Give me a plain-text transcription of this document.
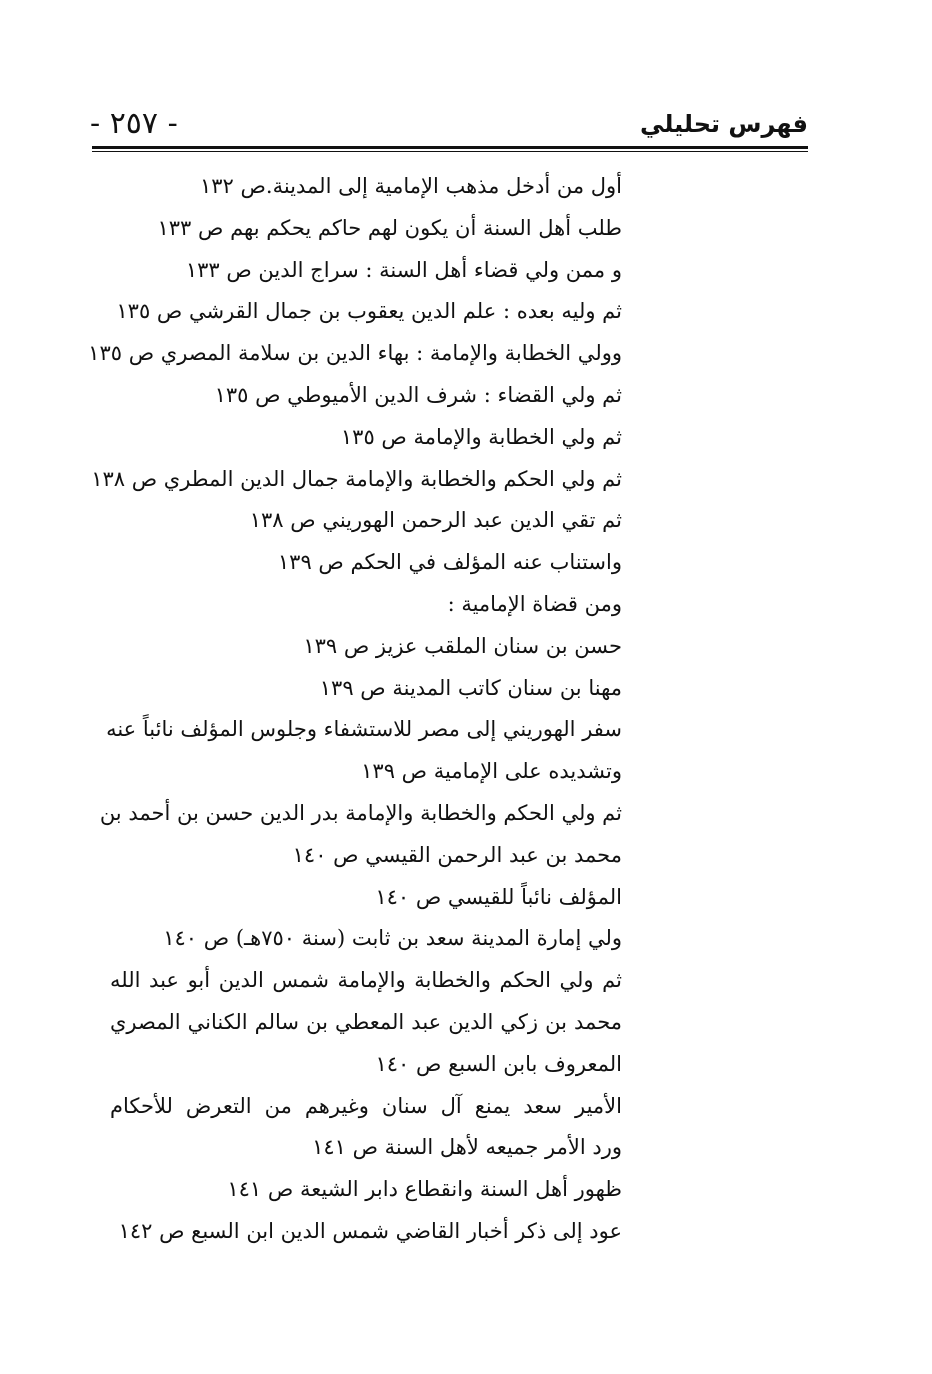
- ٢٥٧ -	فهرس تحليلي
أول من أدخل مذهب الإمامية إلى المدينة.ص ١٣٢
طلب أهل السنة أن يكون لهم حاكم يحكم بهم ص ١٣٣
و ممن ولي قضاء أهل السنة : سراج الدين ص ١٣٣
ثم وليه بعده : علم الدين يعقوب بن جمال القرشي ص ١٣٥
وولي الخطابة والإمامة : بهاء الدين بن سلامة المصري ص ١٣٥
ثم ولي القضاء : شرف الدين الأميوطي ص ١٣٥
ثم ولي الخطابة والإمامة ص ١٣٥
ثم ولي الحكم والخطابة والإمامة جمال الدين المطري ص ١٣٨
ثم تقي الدين عبد الرحمن الهوريني ص ١٣٨
واستناب عنه المؤلف في الحكم ص ١٣٩
ومن قضاة الإمامية :
حسن بن سنان الملقب عزيز ص ١٣٩
مهنا بن سنان كاتب المدينة ص ١٣٩
سفر الهوريني إلى مصر للاستشفاء وجلوس المؤلف نائباً عنه
وتشديده على الإمامية ص ١٣٩
ثم ولي الحكم والخطابة والإمامة بدر الدين حسن بن أحمد بن
محمد بن عبد الرحمن القيسي ص ١٤٠
المؤلف نائباً للقيسي ص ١٤٠
ولي إمارة المدينة سعد بن ثابت (سنة ٧٥٠هـ) ص ١٤٠
ثم ولي الحكم والخطابة والإمامة شمس الدين أبو عبد الله
محمد بن زكي الدين عبد المعطي بن سالم الكناني المصري
المعروف بابن السبع ص ١٤٠
الأمير سعد يمنع آل سنان وغيرهم من التعرض للأحكام
ورد الأمر جميعه لأهل السنة ص ١٤١
ظهور أهل السنة وانقطاع دابر الشيعة ص ١٤١
عود إلى ذكر أخبار القاضي شمس الدين ابن السبع ص ١٤٢
